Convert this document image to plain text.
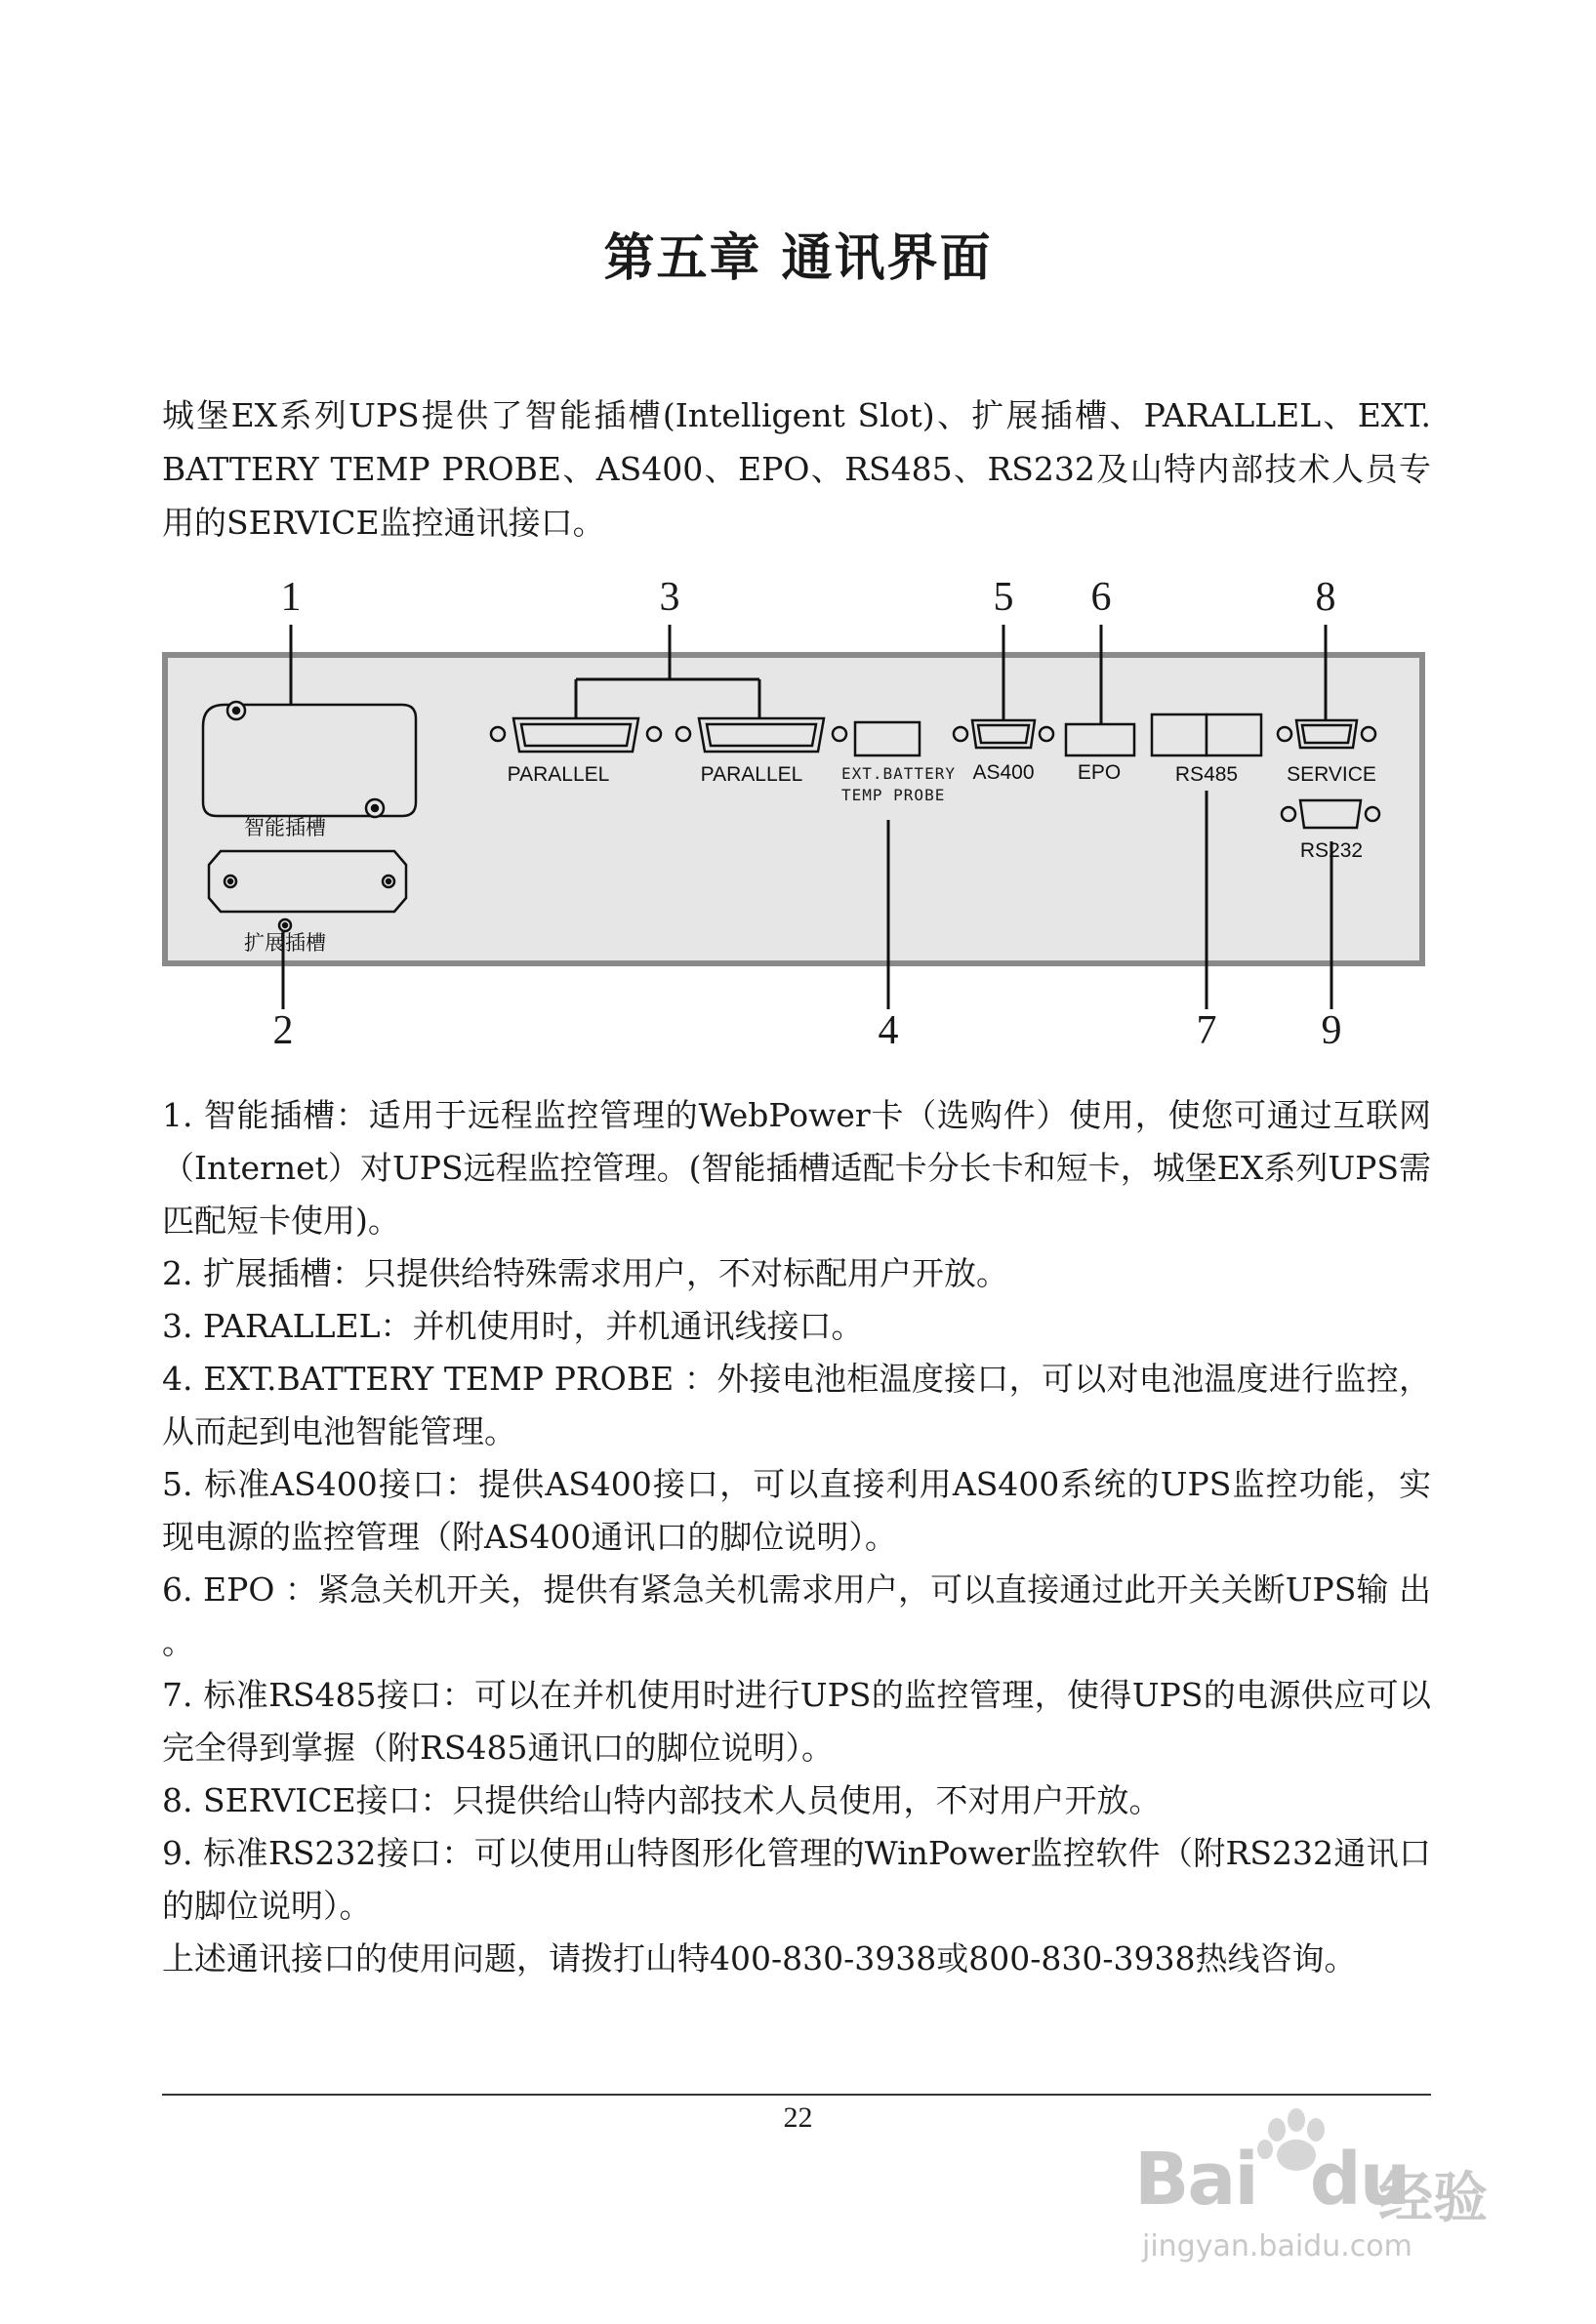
第五章 通讯界面
城堡EX系列UPS提供了智能插槽(Intelligent Slot)、扩展插槽、PARALLEL、EXT. BATTERY TEMP PROBE、AS400、EPO、RS485、RS232及山特内部技术人员专用的SERVICE监控通讯接口。
1
2
3
4
5 6
7
8
9
智能插槽
扩展插槽
PARALLEL	PARALLEL EXT.BATTERY
TEMP PROBE
AS400 EPO	RS485 SERVICE
RS232

1. 智能插槽：适用于远程监控管理的WebPower卡（选购件）使用，使您可通过互联网（Internet）对UPS远程监控管理。(智能插槽适配卡分长卡和短卡，城堡EX系列UPS需匹配短卡使用)。

2. 扩展插槽：只提供给特殊需求用户，不对标配用户开放。

3. PARALLEL：并机使用时，并机通讯线接口。

4. EXT.BATTERY TEMP PROBE ：外接电池柜温度接口，可以对电池温度进行监控，从而起到电池智能管理。

5. 标准AS400接口：提供AS400接口，可以直接利用AS400系统的UPS监控功能，实现电源的监控管理（附AS400通讯口的脚位说明）。

6. EPO ：紧急关机开关，提供有紧急关机需求用户，可以直接通过此开关关断UPS输 出 。

7. 标准RS485接口：可以在并机使用时进行UPS的监控管理，使得UPS的电源供应可以完全得到掌握（附RS485通讯口的脚位说明）。

8. SERVICE接口：只提供给山特内部技术人员使用，不对用户开放。

9. 标准RS232接口：可以使用山特图形化管理的WinPower监控软件（附RS232通讯口的脚位说明）。

上述通讯接口的使用问题，请拨打山特400-830-3938或800-830-3938热线咨询。

22
Bai du
经验
jingyan.baidu.com
